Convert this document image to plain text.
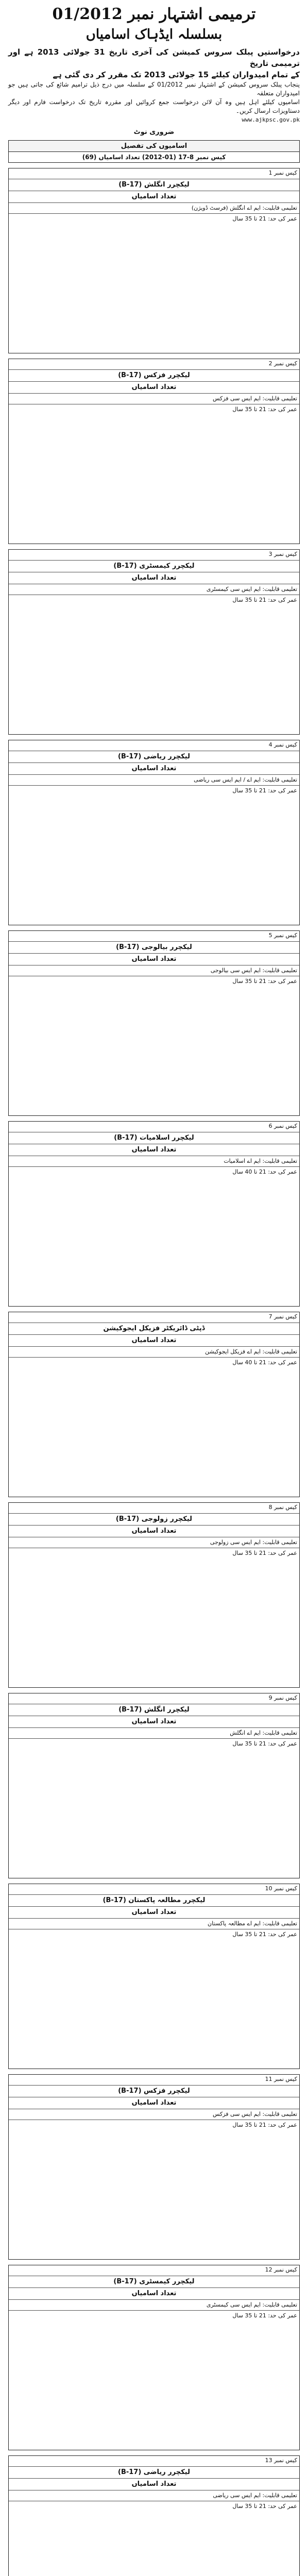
ترمیمی اشتہار نمبر 01/2012
بسلسلہ ایڈہاک اسامیاں

درخواستیں پبلک سروس کمیشن کی آخری تاریخ 31 جولائی 2013 ہے اور ترمیمی تاریخ

کے تمام امیدواران کیلئے 15 جولائی 2013 تک مقرر کر دی گئی ہے

پنجاب پبلک سروس کمیشن کے اشتہار نمبر 01/2012 کے سلسلہ میں درج ذیل ترامیم شائع کی جاتی ہیں جو امیدواران متعلقہ

اسامیوں کیلئے اہل ہیں وہ آن لائن درخواست جمع کروائیں اور مقررہ تاریخ تک درخواست فارم اور دیگر دستاویزات ارسال کریں۔

www.ajkpsc.gov.pk

ضروری نوٹ
اسامیوں کی تفصیل
کیس نمبر 8-17 (01-2012) تعداد اسامیاں (69)
کیس نمبر 1
لیکچرر انگلش (B-17)
تعداد اسامیاں
تعلیمی قابلیت: ایم اے انگلش (فرسٹ ڈویژن)
عمر کی حد: 21 تا 35 سال
کیس نمبر 2
لیکچرر فزکس (B-17)
تعداد اسامیاں
تعلیمی قابلیت: ایم ایس سی فزکس
عمر کی حد: 21 تا 35 سال
کیس نمبر 3
لیکچرر کیمسٹری (B-17)
تعداد اسامیاں
تعلیمی قابلیت: ایم ایس سی کیمسٹری
عمر کی حد: 21 تا 35 سال
کیس نمبر 4
لیکچرر ریاضی (B-17)
تعداد اسامیاں
تعلیمی قابلیت: ایم اے / ایم ایس سی ریاضی
عمر کی حد: 21 تا 35 سال
کیس نمبر 5
لیکچرر بیالوجی (B-17)
تعداد اسامیاں
تعلیمی قابلیت: ایم ایس سی بیالوجی
عمر کی حد: 21 تا 35 سال
کیس نمبر 6
لیکچرر اسلامیات (B-17)
تعداد اسامیاں
تعلیمی قابلیت: ایم اے اسلامیات
عمر کی حد: 21 تا 40 سال
کیس نمبر 7
ڈپٹی ڈائریکٹر فزیکل ایجوکیشن
تعداد اسامیاں
تعلیمی قابلیت: ایم اے فزیکل ایجوکیشن
عمر کی حد: 21 تا 40 سال
کیس نمبر 8
لیکچرر زولوجی (B-17)
تعداد اسامیاں
تعلیمی قابلیت: ایم ایس سی زولوجی
عمر کی حد: 21 تا 35 سال
کیس نمبر 9
لیکچرر انگلش (B-17)
تعداد اسامیاں
تعلیمی قابلیت: ایم اے انگلش
عمر کی حد: 21 تا 35 سال
کیس نمبر 10
لیکچرر مطالعہ پاکستان (B-17)
تعداد اسامیاں
تعلیمی قابلیت: ایم اے مطالعہ پاکستان
عمر کی حد: 21 تا 35 سال
کیس نمبر 11
لیکچرر فزکس (B-17)
تعداد اسامیاں
تعلیمی قابلیت: ایم ایس سی فزکس
عمر کی حد: 21 تا 35 سال
کیس نمبر 12
لیکچرر کیمسٹری (B-17)
تعداد اسامیاں
تعلیمی قابلیت: ایم ایس سی کیمسٹری
عمر کی حد: 21 تا 35 سال
کیس نمبر 13
لیکچرر ریاضی (B-17)
تعداد اسامیاں
تعلیمی قابلیت: ایم ایس سی ریاضی
عمر کی حد: 21 تا 35 سال
